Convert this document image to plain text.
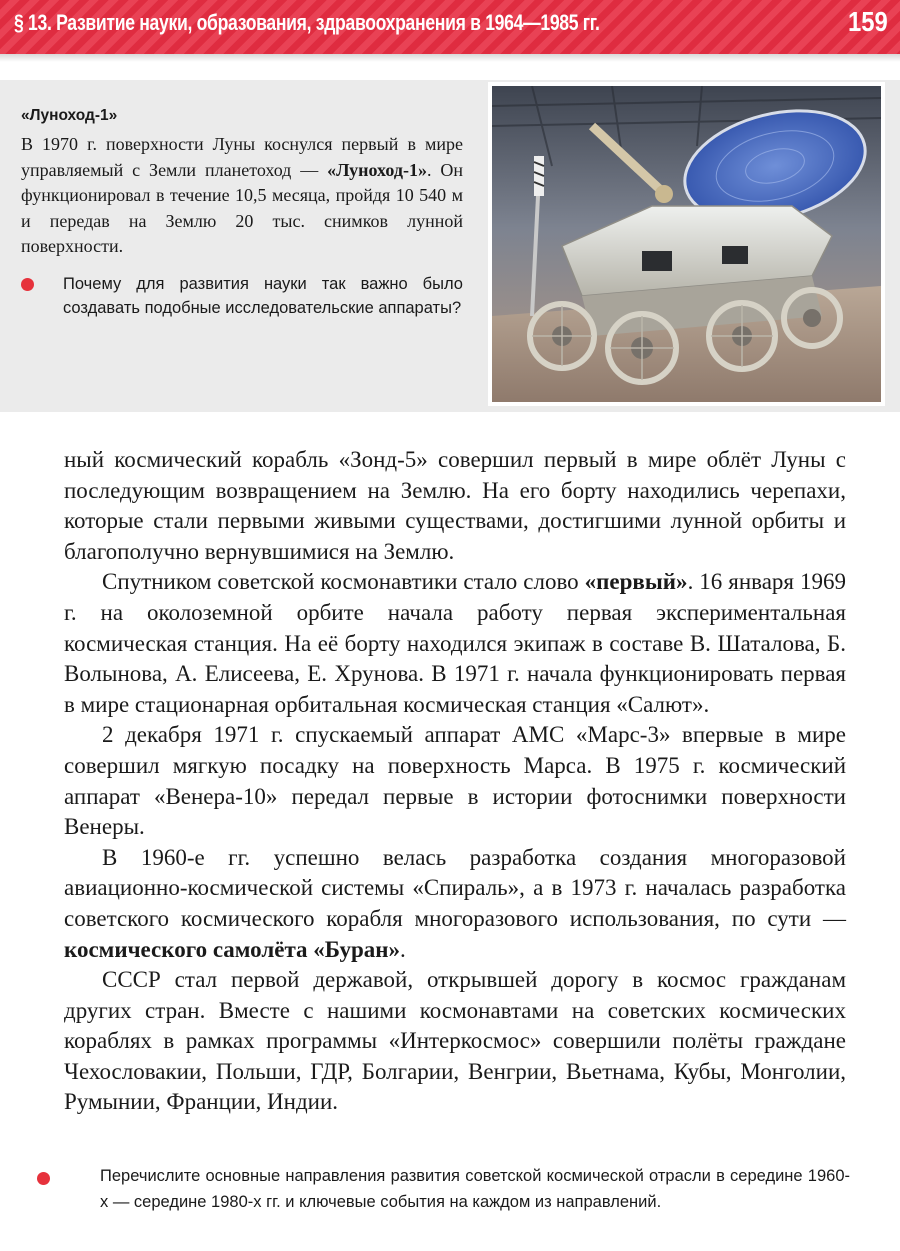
§ 13. Развитие науки, образования, здравоохранения в 1964—1985 гг.	159
«Луноход-1»

В 1970 г. поверхности Луны коснулся первый в мире управляемый с Земли планетоход — «Луноход-1». Он функционировал в течение 10,5 месяца, пройдя 10 540 м и передав на Землю 20 тыс. снимков лунной поверхности.

Почему для развития науки так важно было создавать подобные исследовательские аппараты?

ный космический корабль «Зонд-5» совершил первый в мире облёт Луны с последующим возвращением на Землю. На его борту находились черепахи, которые стали первыми живыми существами, достигшими лунной орбиты и благополучно вернувшимися на Землю.

Спутником советской космонавтики стало слово «первый». 16 января 1969 г. на околоземной орбите начала работу первая экспериментальная космическая станция. На её борту находился экипаж в составе В. Шаталова, Б. Волынова, А. Елисеева, Е. Хрунова. В 1971 г. начала функционировать первая в мире стационарная орбитальная космическая станция «Салют».

2 декабря 1971 г. спускаемый аппарат АМС «Марс-3» впервые в мире совершил мягкую посадку на поверхность Марса. В 1975 г. космический аппарат «Венера-10» передал первые в истории фотоснимки поверхности Венеры.

В 1960-е гг. успешно велась разработка создания многоразовой авиационно-космической системы «Спираль», а в 1973 г. началась разработка советского космического корабля многоразового использования, по сути — космического самолёта «Буран».

СССР стал первой державой, открывшей дорогу в космос гражданам других стран. Вместе с нашими космонавтами на советских космических кораблях в рамках программы «Интеркосмос» совершили полёты граждане Чехословакии, Польши, ГДР, Болгарии, Венгрии, Вьетнама, Кубы, Монголии, Румынии, Франции, Индии.

Перечислите основные направления развития советской космической отрасли в середине 1960-х — середине 1980-х гг. и ключевые события на каждом из направлений.
